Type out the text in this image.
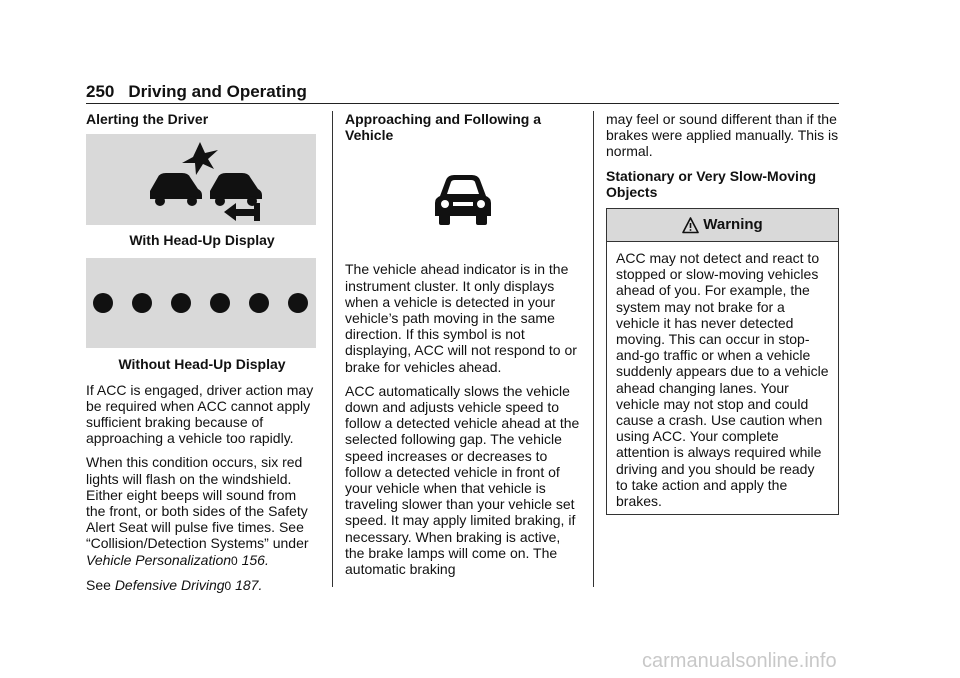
250 Driving and Operating
Alerting the Driver

With Head-Up Display

Without Head-Up Display

If ACC is engaged, driver action may be required when ACC cannot apply sufficient braking because of approaching a vehicle too rapidly.

When this condition occurs, six red lights will flash on the windshield. Either eight beeps will sound from the front, or both sides of the Safety Alert Seat will pulse five times. See “Collision/Detection Systems” under Vehicle Personalization0 156.

See Defensive Driving0 187.

Approaching and Following a Vehicle

The vehicle ahead indicator is in the instrument cluster. It only displays when a vehicle is detected in your vehicle’s path moving in the same direction. If this symbol is not displaying, ACC will not respond to or brake for vehicles ahead.

ACC automatically slows the vehicle down and adjusts vehicle speed to follow a detected vehicle ahead at the selected following gap. The vehicle speed increases or decreases to follow a detected vehicle in front of your vehicle when that vehicle is traveling slower than your vehicle set speed. It may apply limited braking, if necessary. When braking is active, the brake lamps will come on. The automatic braking

may feel or sound different than if the brakes were applied manually. This is normal.

Stationary or Very Slow-Moving Objects
Warning

ACC may not detect and react to stopped or slow-moving vehicles ahead of you. For example, the system may not brake for a vehicle it has never detected moving. This can occur in stop-and-go traffic or when a vehicle suddenly appears due to a vehicle ahead changing lanes. Your vehicle may not stop and could cause a crash. Use caution when using ACC. Your complete attention is always required while driving and you should be ready to take action and apply the brakes.

carmanualsonline.info
